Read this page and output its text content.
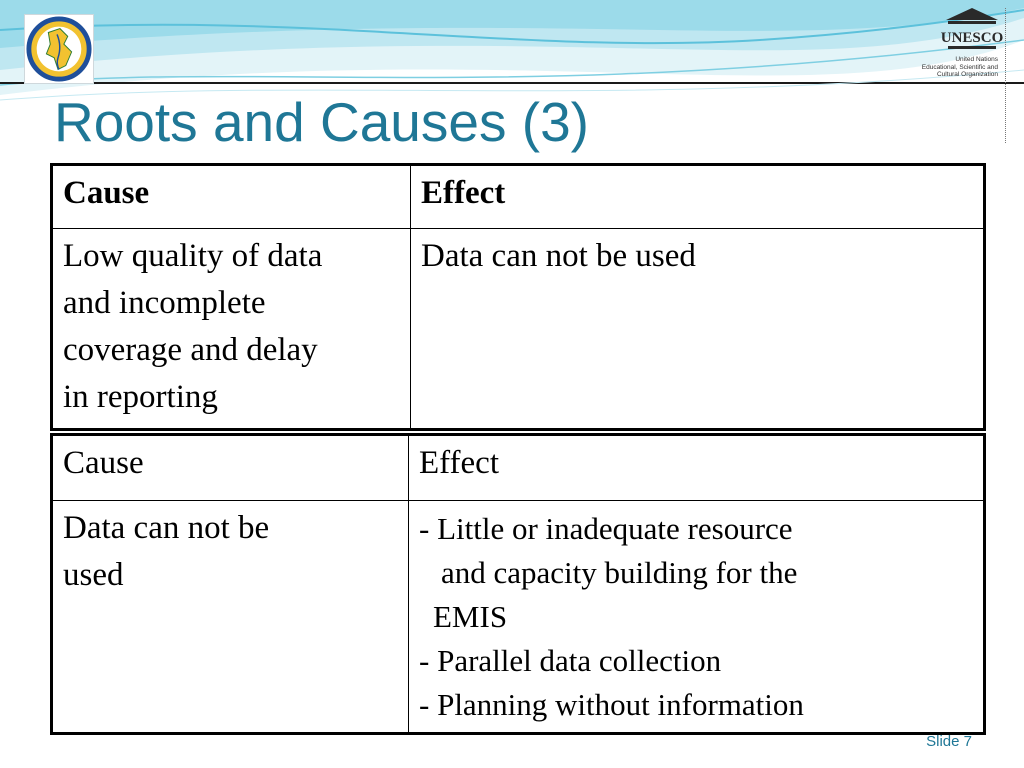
UNESCO
United Nations
Educational, Scientific and
Cultural Organization
Roots and Causes (3)
Cause	Effect

Low quality of data
and incomplete
coverage and delay
in reporting	Data can not be used
Cause	Effect

Data can not be
used	- Little or inadequate resource
and capacity building for the
EMIS
- Parallel data collection
- Planning without information
Slide 7
